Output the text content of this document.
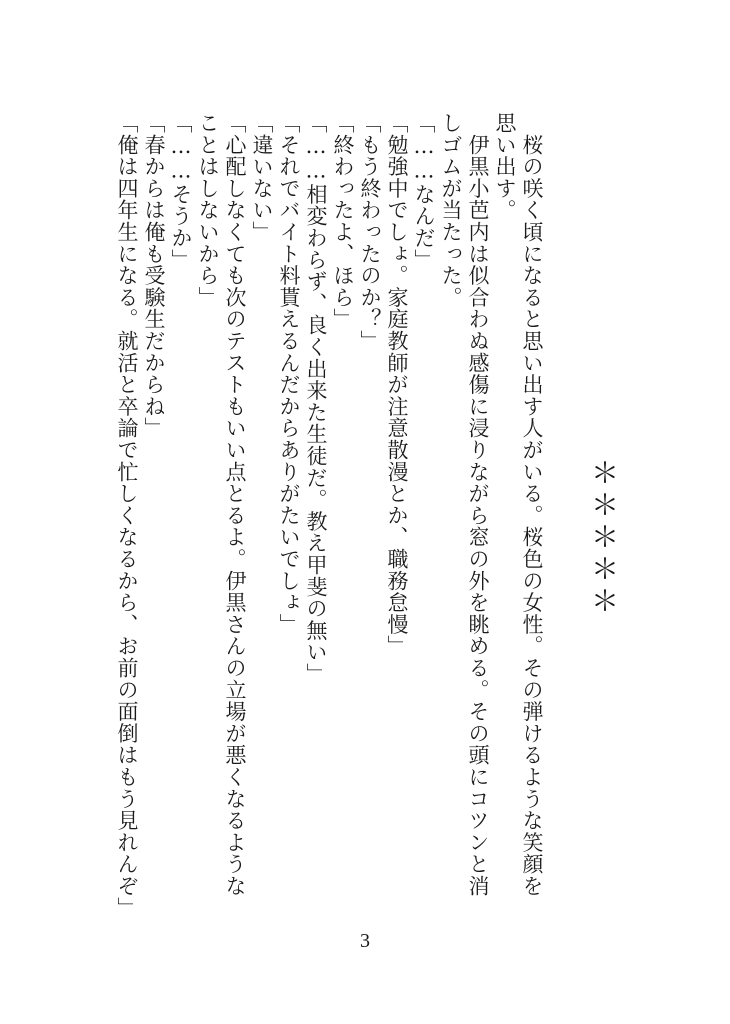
＊＊＊＊＊
　桜の咲く頃になると思い出す人がいる。桜色の女性。その弾けるような笑顔を
思い出す。
　伊黒小芭内は似合わぬ感傷に浸りながら窓の外を眺める。その頭にコツンと消
しゴムが当たった。
「……なんだ」
「勉強中でしょ。家庭教師が注意散漫とか、職務怠慢」
「もう終わったのか？」
「終わったよ、ほら」
「……相変わらず、良く出来た生徒だ。教え甲斐の無い」
「それでバイト料貰えるんだからありがたいでしょ」
「違いない」
「心配しなくても次のテストもいい点とるよ。伊黒さんの立場が悪くなるような
ことはしないから」
「……そうか」
「春からは俺も受験生だからね」
「俺は四年生になる。就活と卒論で忙しくなるから、お前の面倒はもう見れんぞ」
3
